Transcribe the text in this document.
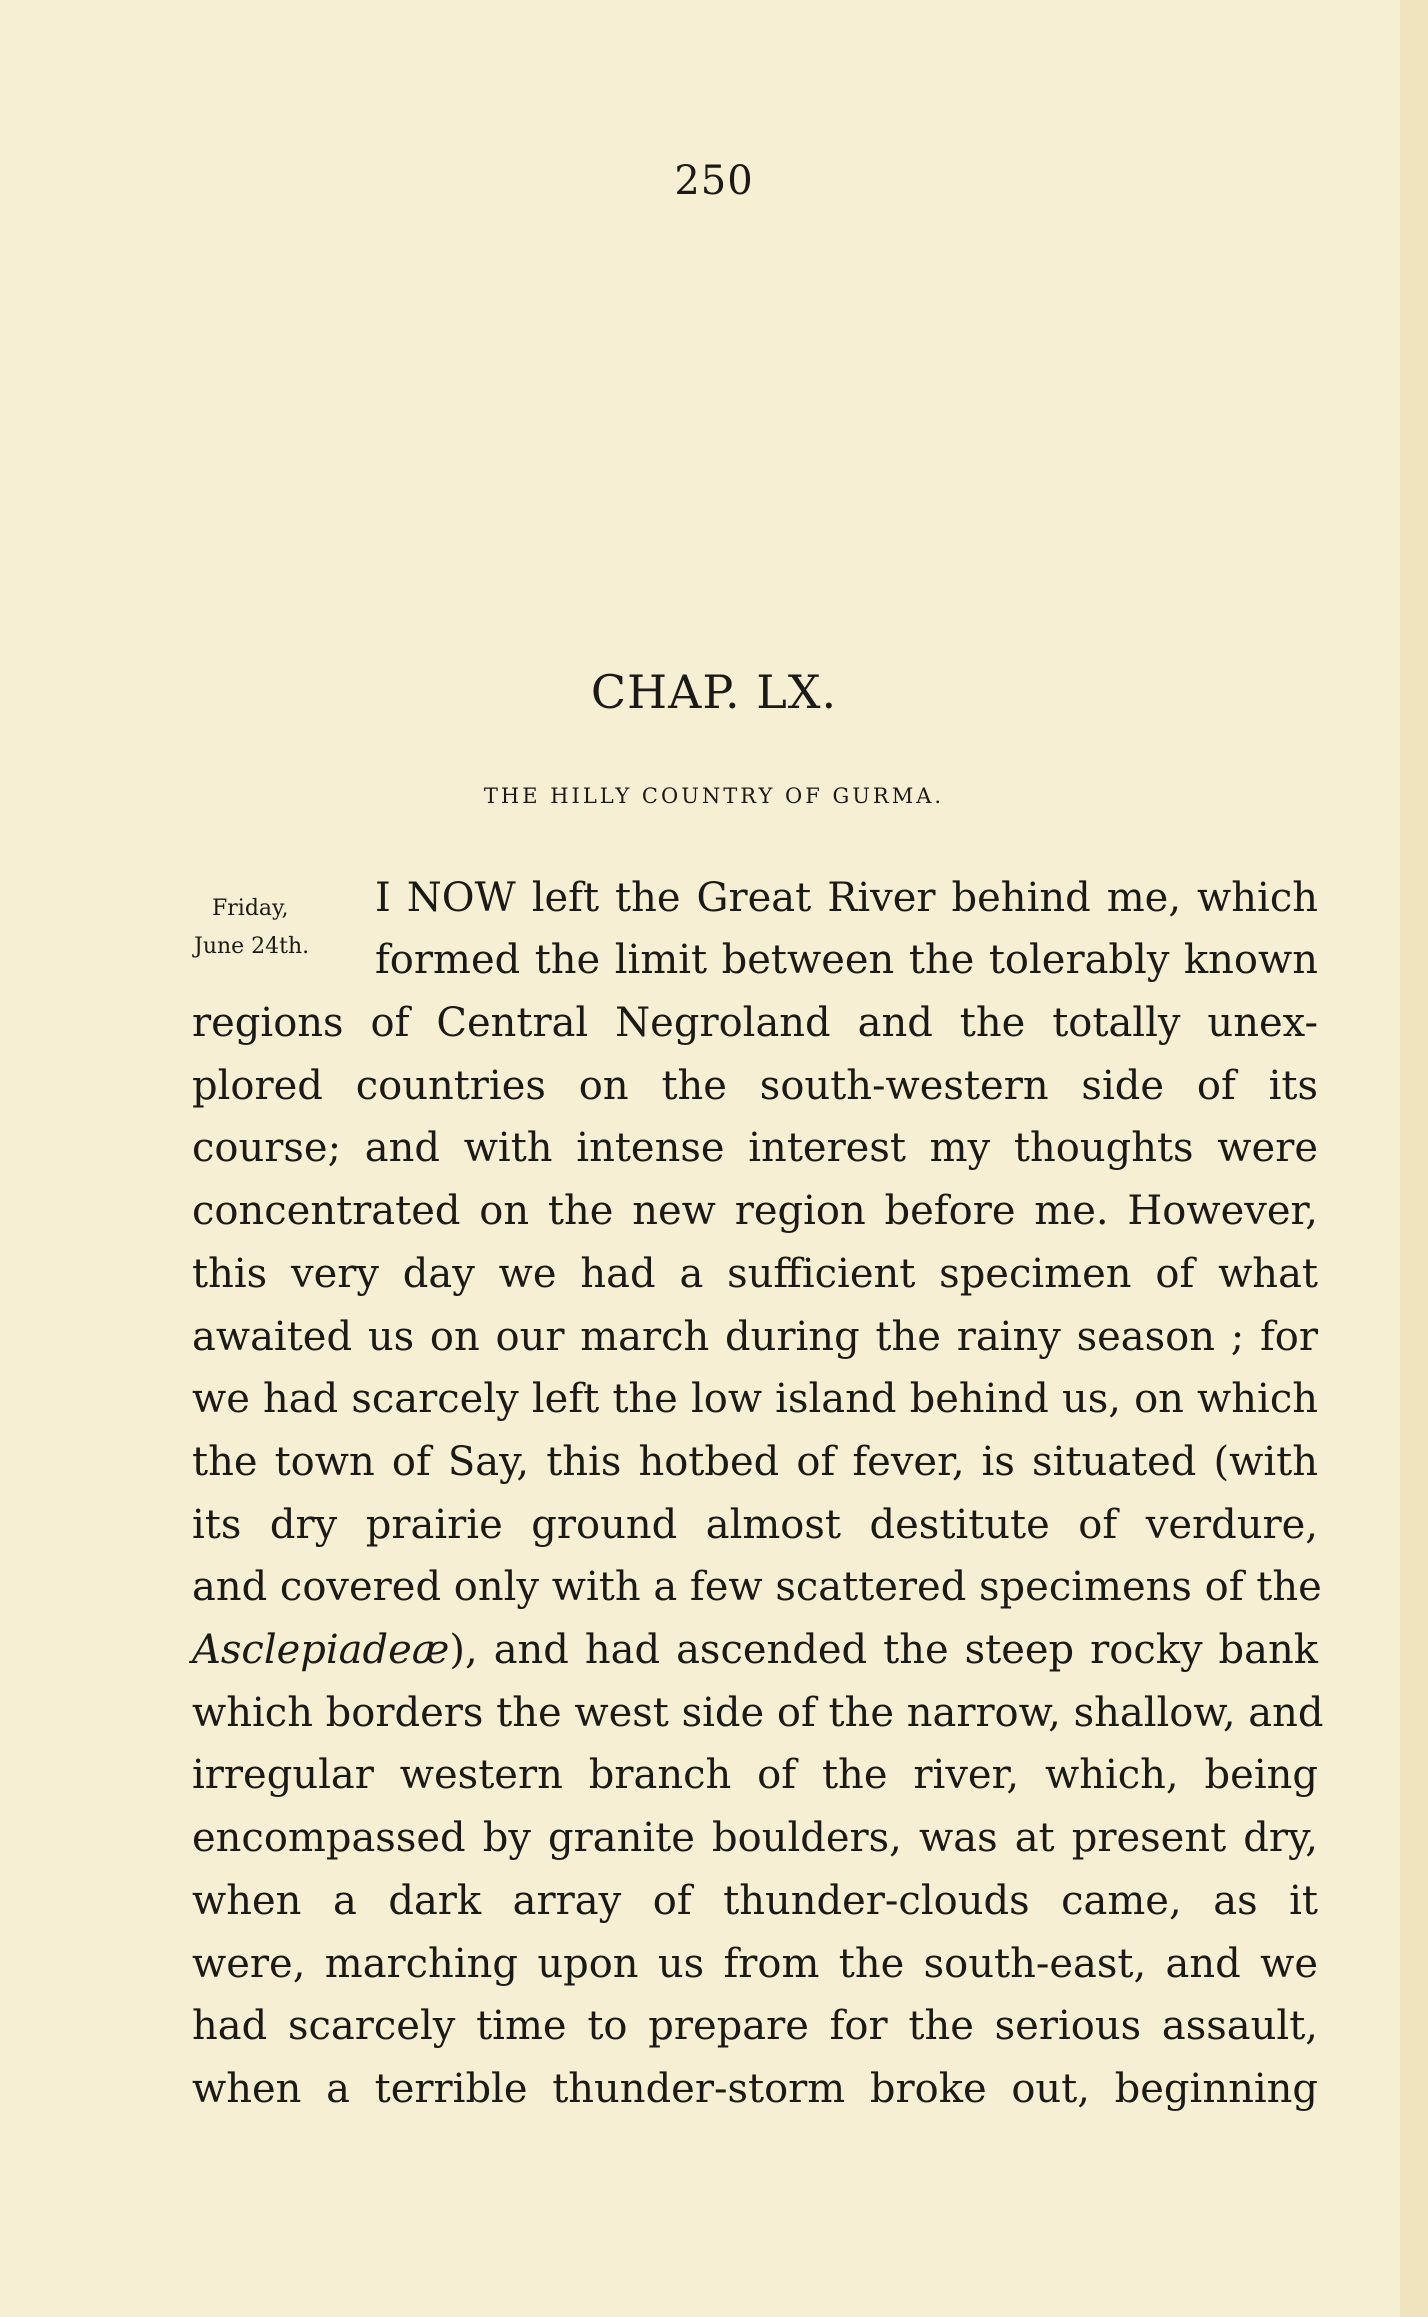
250
CHAP. LX.
THE HILLY COUNTRY OF GURMA.
Friday,
June 24th.
I NOW left the Great River behind me, which
formed the limit between the tolerably known
regions of Central Negroland and the totally unex-
plored countries on the south-western side of its
course; and with intense interest my thoughts were
concentrated on the new region before me. However,
this very day we had a sufficient specimen of what
awaited us on our march during the rainy season ; for
we had scarcely left the low island behind us, on which
the town of Say, this hotbed of fever, is situated (with
its dry prairie ground almost destitute of verdure,
and covered only with a few scattered specimens of the
Asclepiadeæ), and had ascended the steep rocky bank
which borders the west side of the narrow, shallow, and
irregular western branch of the river, which, being
encompassed by granite boulders, was at present dry,
when a dark array of thunder-clouds came, as it
were, marching upon us from the south-east, and we
had scarcely time to prepare for the serious assault,
when a terrible thunder-storm broke out, beginning
